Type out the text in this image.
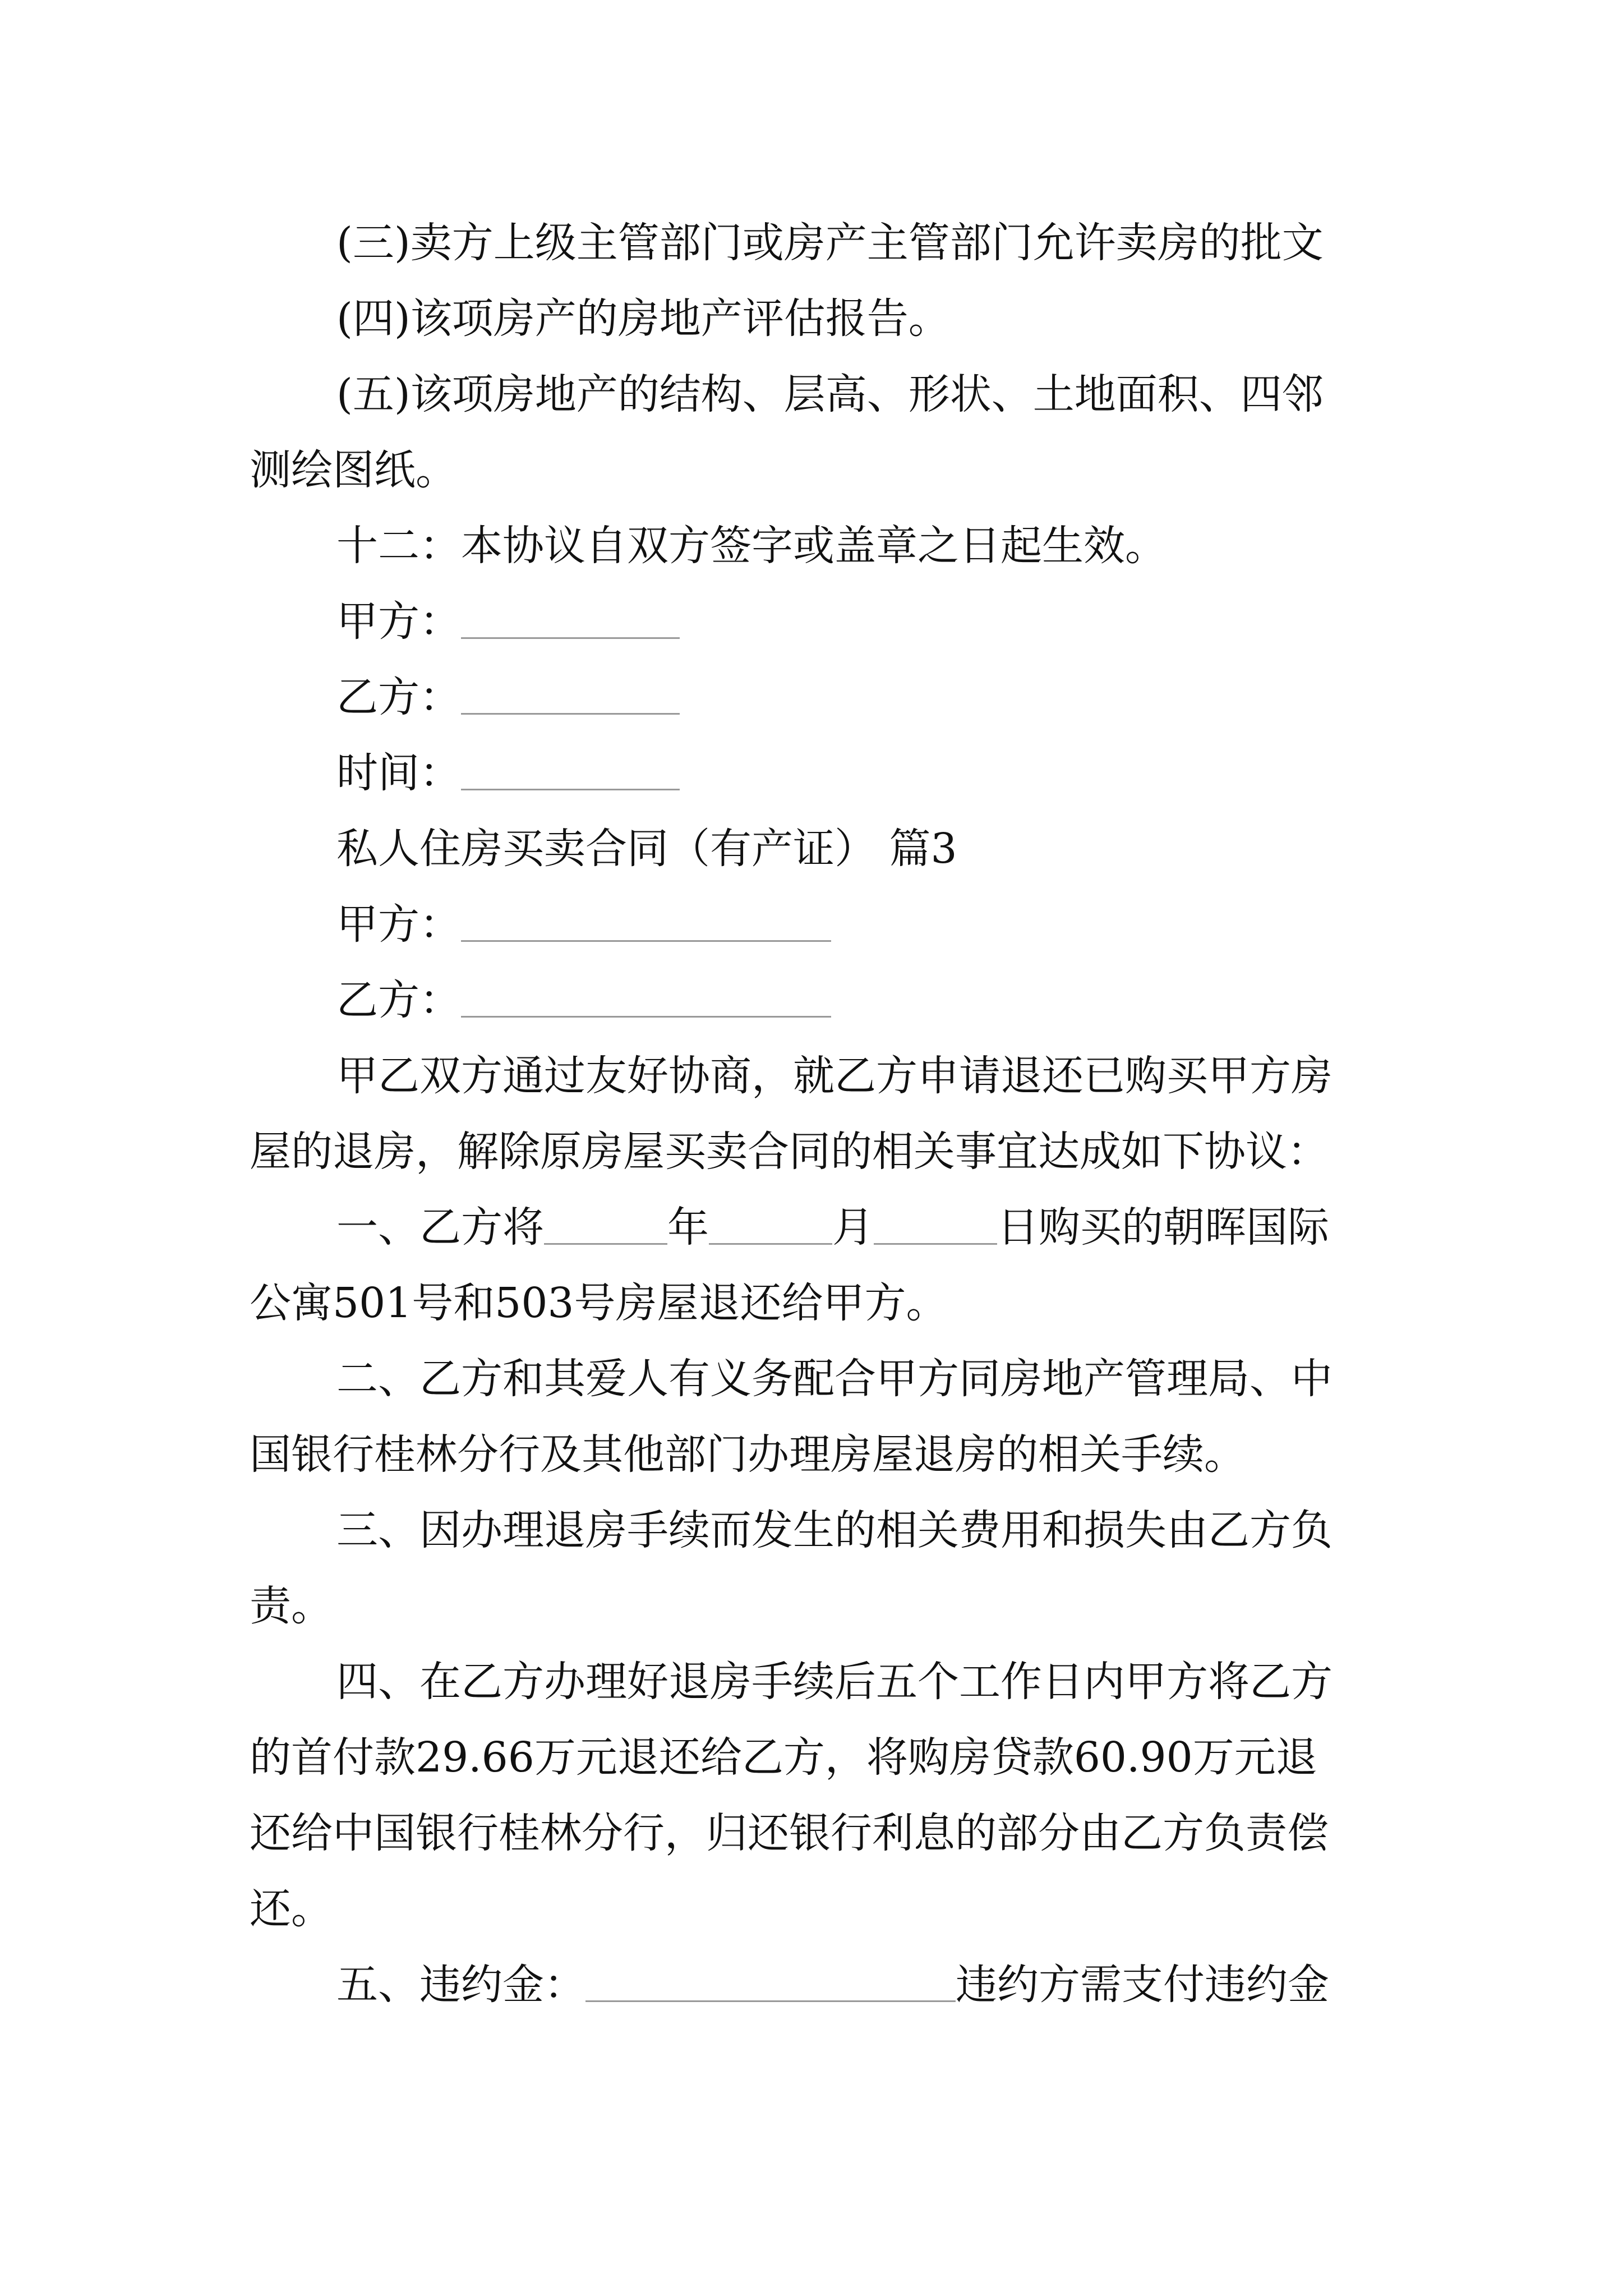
(三)卖方上级主管部门或房产主管部门允许卖房的批文
(四)该项房产的房地产评估报告。
(五)该项房地产的结构、层高、形状、土地面积、四邻
测绘图纸。
十二：本协议自双方签字或盖章之日起生效。
甲方：
乙方：
时间：
私人住房买卖合同（有产证） 篇3
甲方：
乙方：
甲乙双方通过友好协商，就乙方申请退还已购买甲方房
屋的退房，解除原房屋买卖合同的相关事宜达成如下协议：
一、乙方将	年	月	日购买的朝晖国际
公寓501号和503号房屋退还给甲方。
二、乙方和其爱人有义务配合甲方同房地产管理局、中
国银行桂林分行及其他部门办理房屋退房的相关手续。
三、因办理退房手续而发生的相关费用和损失由乙方负
责。
四、在乙方办理好退房手续后五个工作日内甲方将乙方
的首付款29.66万元退还给乙方，将购房贷款60.90万元退
还给中国银行桂林分行，归还银行利息的部分由乙方负责偿
还。
五、违约金：	违约方需支付违约金
